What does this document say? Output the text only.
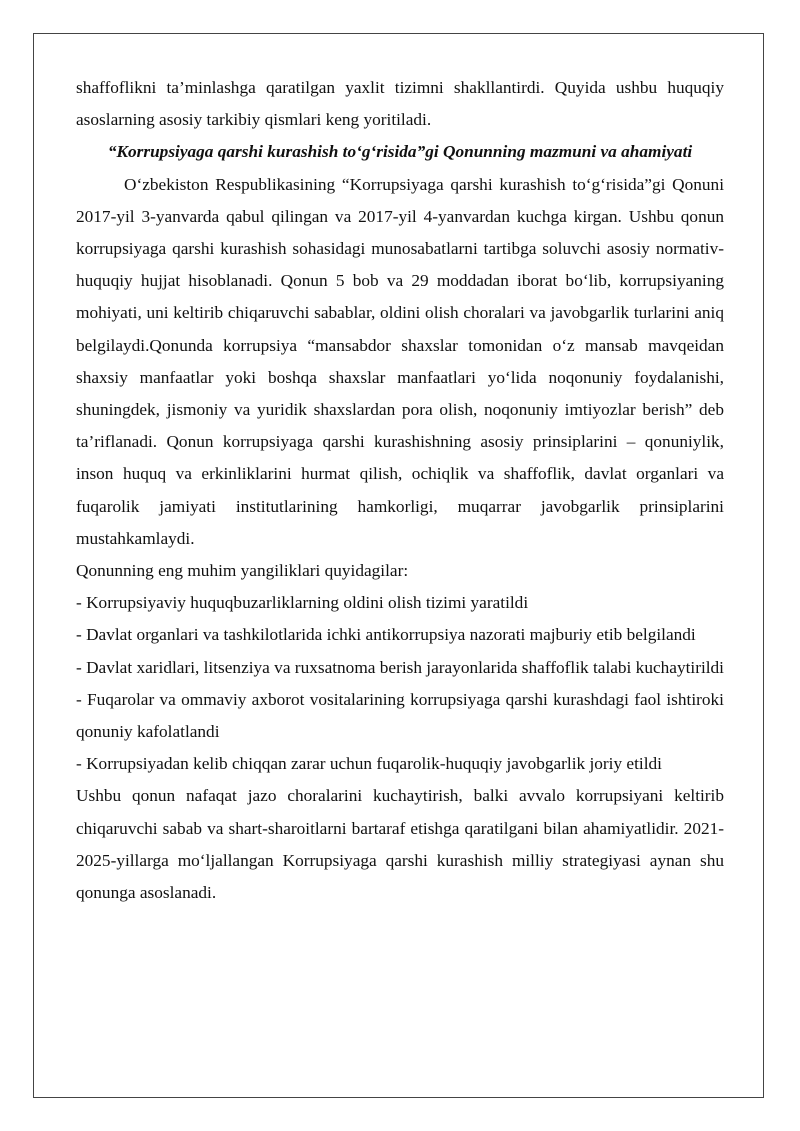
shaffoflikni ta’minlashga qaratilgan yaxlit tizimni shakllantirdi. Quyida ushbu huquqiy asoslarning asosiy tarkibiy qismlari keng yoritiladi.

“Korrupsiyaga qarshi kurashish to‘g‘risida”gi Qonunning mazmuni va ahamiyati

O‘zbekiston Respublikasining “Korrupsiyaga qarshi kurashish to‘g‘risida”gi Qonuni 2017-yil 3-yanvarda qabul qilingan va 2017-yil 4-yanvardan kuchga kirgan. Ushbu qonun korrupsiyaga qarshi kurashish sohasidagi munosabatlarni tartibga soluvchi asosiy normativ-huquqiy hujjat hisoblanadi. Qonun 5 bob va 29 moddadan iborat bo‘lib, korrupsiyaning mohiyati, uni keltirib chiqaruvchi sabablar, oldini olish choralari va javobgarlik turlarini aniq belgilaydi.Qonunda korrupsiya “mansabdor shaxslar tomonidan o‘z mansab mavqeidan shaxsiy manfaatlar yoki boshqa shaxslar manfaatlari yo‘lida noqonuniy foydalanishi, shuningdek, jismoniy va yuridik shaxslardan pora olish, noqonuniy imtiyozlar berish” deb ta’riflanadi. Qonun korrupsiyaga qarshi kurashishning asosiy prinsiplarini – qonuniylik, inson huquq va erkinliklarini hurmat qilish, ochiqlik va shaffoflik, davlat organlari va fuqarolik jamiyati institutlarining hamkorligi, muqarrar javobgarlik prinsiplarini mustahkamlaydi.

Qonunning eng muhim yangiliklari quyidagilar:

- Korrupsiyaviy huquqbuzarliklarning oldini olish tizimi yaratildi

- Davlat organlari va tashkilotlarida ichki antikorrupsiya nazorati majburiy etib belgilandi

- Davlat xaridlari, litsenziya va ruxsatnoma berish jarayonlarida shaffoflik talabi kuchaytirildi

- Fuqarolar va ommaviy axborot vositalarining korrupsiyaga qarshi kurashdagi faol ishtiroki qonuniy kafolatlandi

- Korrupsiyadan kelib chiqqan zarar uchun fuqarolik-huquqiy javobgarlik joriy etildi

Ushbu qonun nafaqat jazo choralarini kuchaytirish, balki avvalo korrupsiyani keltirib chiqaruvchi sabab va shart-sharoitlarni bartaraf etishga qaratilgani bilan ahamiyatlidir. 2021-2025-yillarga mo‘ljallangan Korrupsiyaga qarshi kurashish milliy strategiyasi aynan shu qonunga asoslanadi.
